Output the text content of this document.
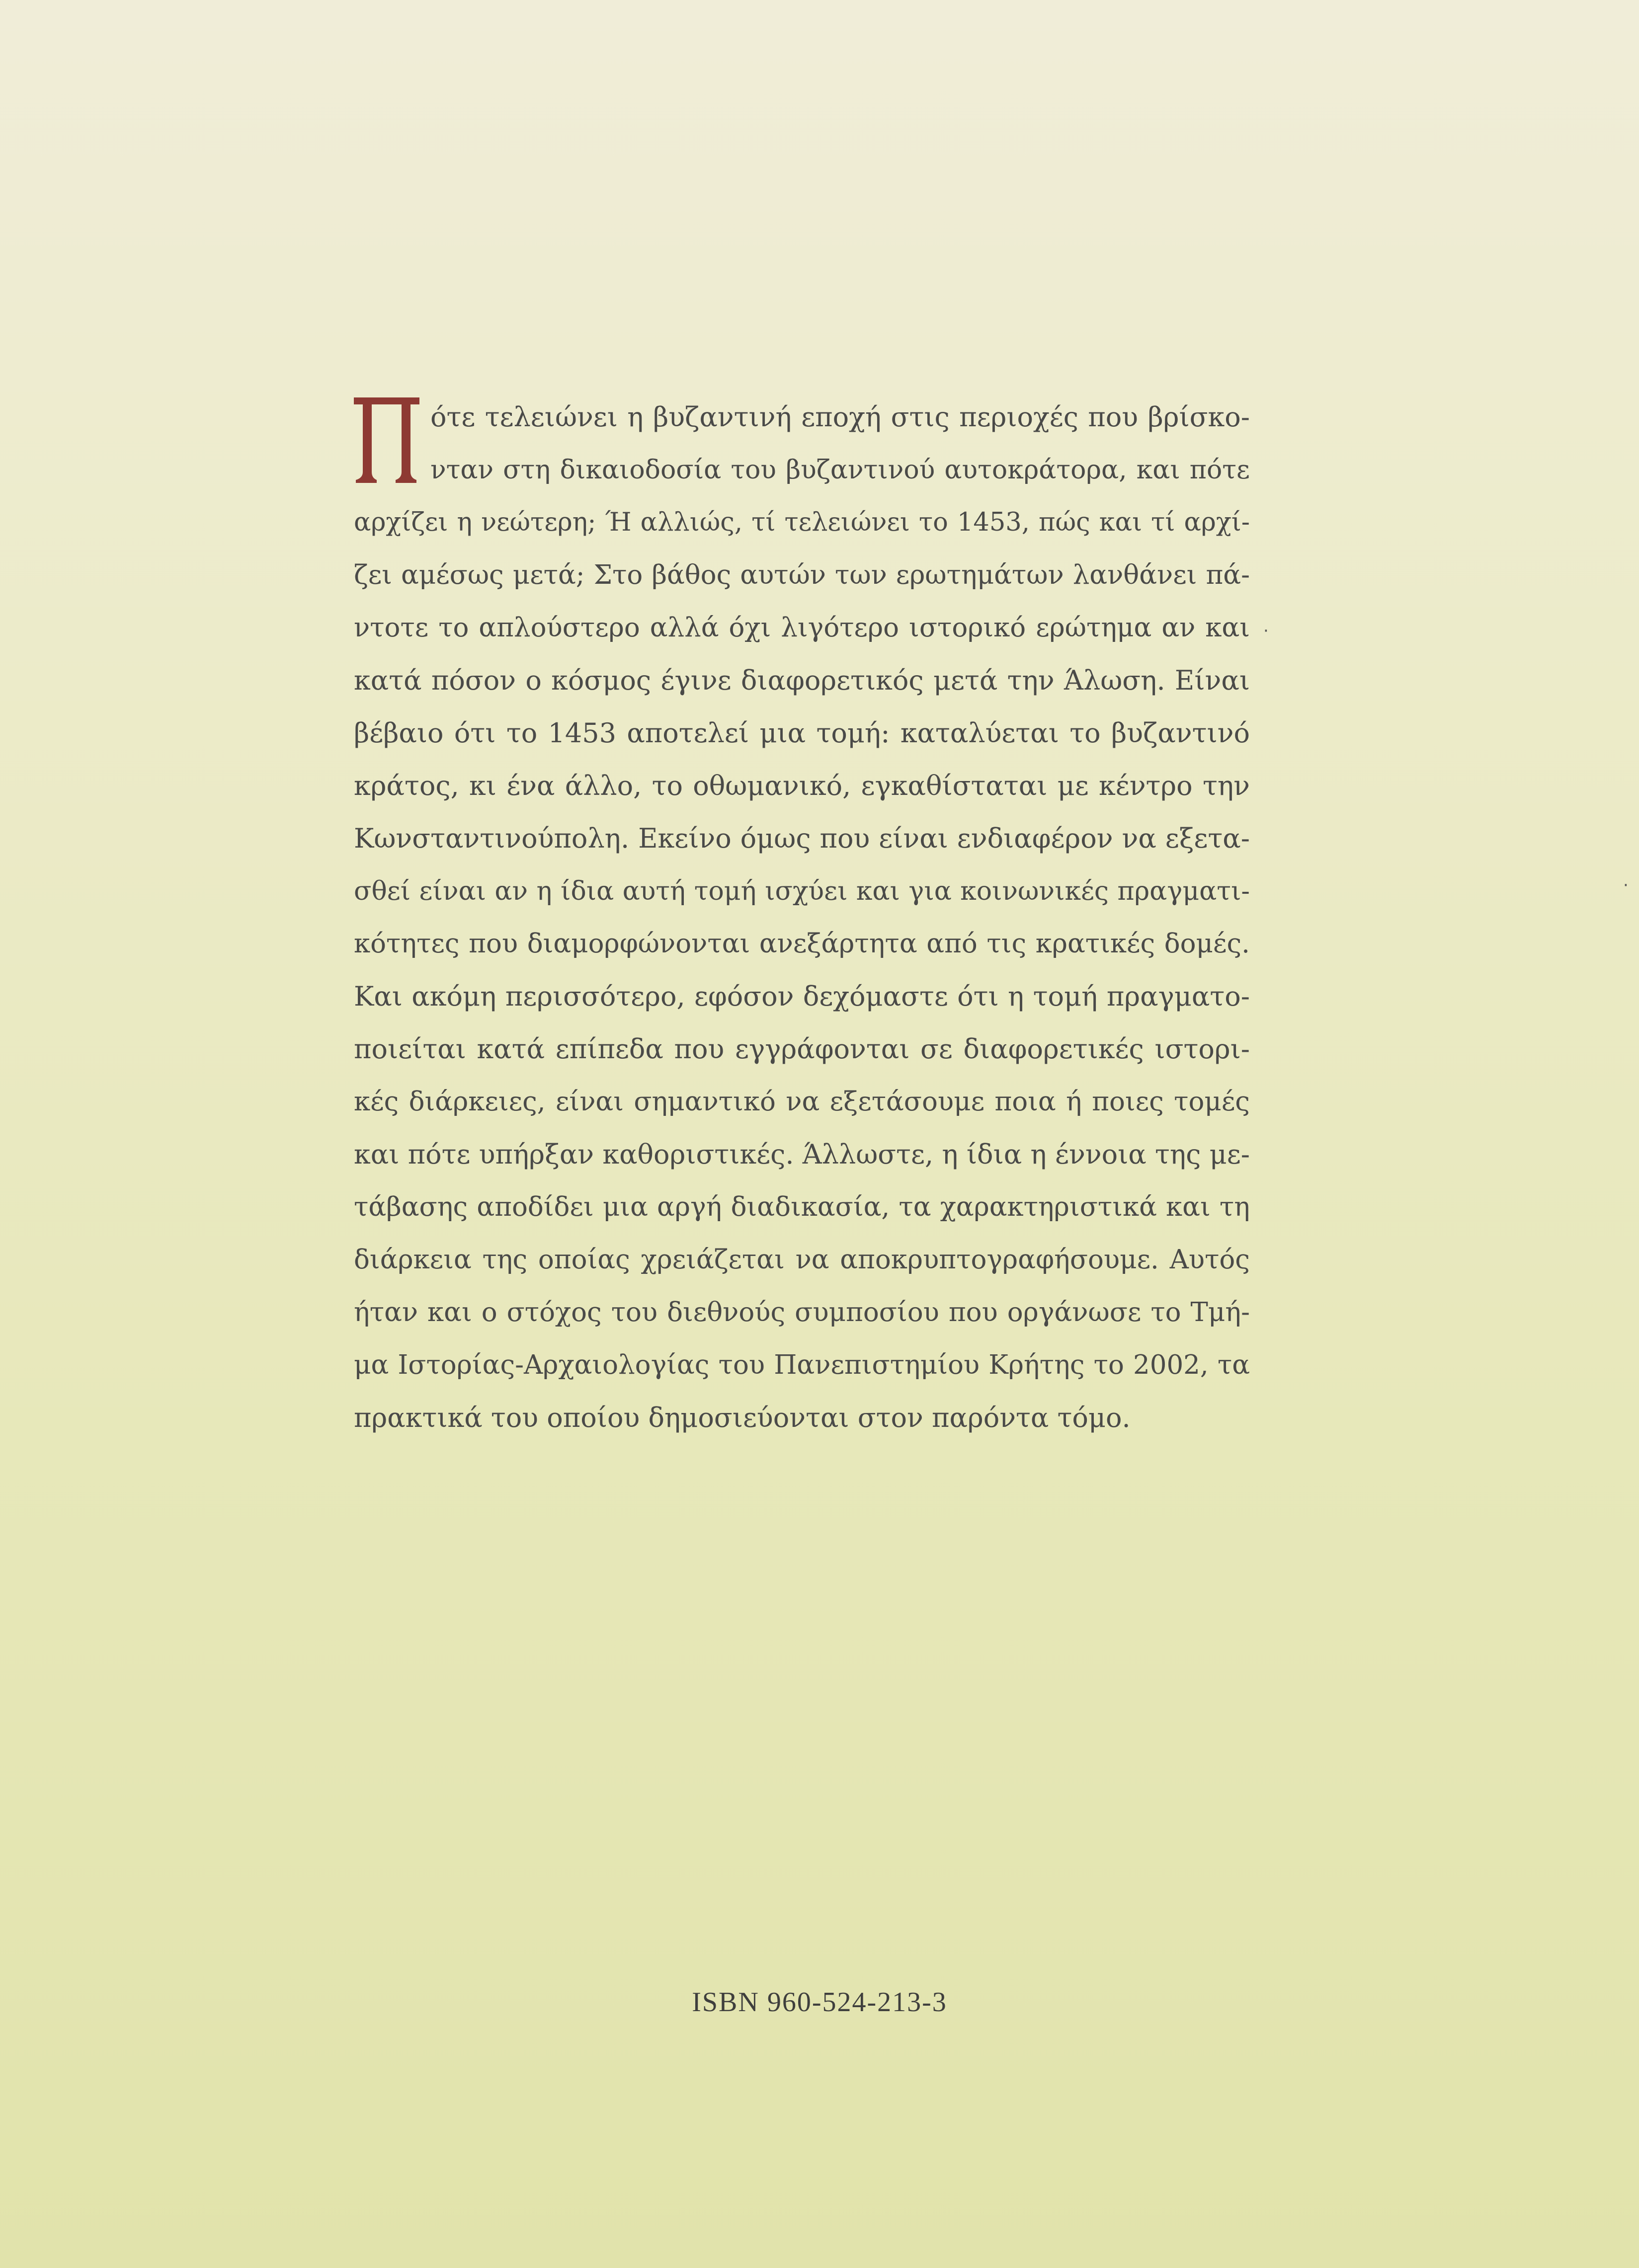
ότε τελειώνει η βυζαντινή εποχή στις περιοχές που βρίσκο-
νταν στη δικαιοδοσία του βυζαντινού αυτοκράτορα, και πότε
αρχίζει η νεώτερη; Ή αλλιώς, τί τελειώνει το 1453, πώς και τί αρχί-
ζει αμέσως μετά; Στο βάθος αυτών των ερωτημάτων λανθάνει πά-
ντοτε το απλούστερο αλλά όχι λιγότερο ιστορικό ερώτημα αν και
κατά πόσον ο κόσμος έγινε διαφορετικός μετά την Άλωση. Είναι
βέβαιο ότι το 1453 αποτελεί μια τομή: καταλύεται το βυζαντινό
κράτος, κι ένα άλλο, το οθωμανικό, εγκαθίσταται με κέντρο την
Κωνσταντινούπολη. Εκείνο όμως που είναι ενδιαφέρον να εξετα-
σθεί είναι αν η ίδια αυτή τομή ισχύει και για κοινωνικές πραγματι-
κότητες που διαμορφώνονται ανεξάρτητα από τις κρατικές δομές.
Και ακόμη περισσότερο, εφόσον δεχόμαστε ότι η τομή πραγματο-
ποιείται κατά επίπεδα που εγγράφονται σε διαφορετικές ιστορι-
κές διάρκειες, είναι σημαντικό να εξετάσουμε ποια ή ποιες τομές
και πότε υπήρξαν καθοριστικές. Άλλωστε, η ίδια η έννοια της με-
τάβασης αποδίδει μια αργή διαδικασία, τα χαρακτηριστικά και τη
διάρκεια της οποίας χρειάζεται να αποκρυπτογραφήσουμε. Αυτός
ήταν και ο στόχος του διεθνούς συμποσίου που οργάνωσε το Τμή-
μα Ιστορίας-Αρχαιολογίας του Πανεπιστημίου Κρήτης το 2002, τα
πρακτικά του οποίου δημοσιεύονται στον παρόντα τόμο.
ISBN 960-524-213-3
·
·
